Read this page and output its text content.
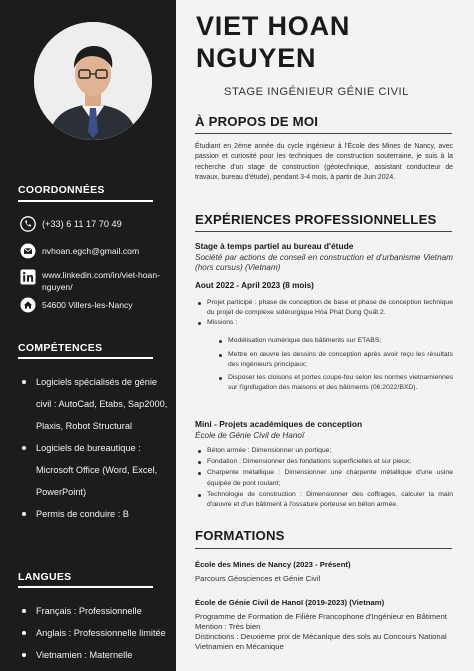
COORDONNÉES
(+33) 6 11 17 70 49
nvhoan.egch@gmail.com
www.linkedin.com/in/viet-hoan-nguyen/
54600 Villers-les-Nancy
COMPÉTENCES
Logiciels spécialisés de génie civil : AutoCad, Etabs, Sap2000, Plaxis, Robot Structural
Logiciels de bureautique : Microsoft Office (Word, Excel, PowerPoint)
Permis de conduire : B
LANGUES
Français : Professionnelle
Anglais : Professionnelle limitée
Vietnamien : Maternelle
VIET HOAN
NGUYEN
STAGE INGÉNIEUR GÉNIE CIVIL
À PROPOS DE MOI
Étudiant en 2ème année du cycle ingénieur à l'École des Mines de Nancy, avec passion et curiosité pour les techniques de construction souterraine, je suis à la recherche d'un stage de construction (géotechnique, assistant conducteur de travaux, bureau d'étude), pendant 3-4 mois, à partir de Juin 2024.
EXPÉRIENCES PROFESSIONNELLES
Stage à temps partiel au bureau d'étude
Société par actions de conseil en construction et d'urbanisme Vietnam (hors cursus) (Vietnam)
Aout 2022 - April 2023 (8 mois)
Projet participé : phase de conception de base et phase de conception technique du projet de complexe sidérurgique Hòa Phát Dung Quất 2.
Missions :
Modélisation numérique des bâtiments sur ETABS;
Mettre en œuvre les dessins de conception après avoir reçu les résultats des ingénieurs principaux;
Disposer les cloisons et portes coupe-feu selon les normes vietnamiennes sur l'ignifugation des maisons et des bâtiments (06:2022/BXD).
Mini - Projets académiques de conception
École de Génie Civil de Hanoï
Béton armée : Dimensionner un portique;
Fondation : Dimensionner des fondations superficielles et sur pieux;
Charpente métallique : Dimensionner une charpente métallique d'une usine équipée de pont roulant;
Technologie de construction : Dimensionner des coffrages, calculer la main d'œuvre et d'un bâtiment à l'ossature porteuse en béton armée.
FORMATIONS
École des Mines de Nancy (2023 - Présent)
Parcours Géosciences et Génie Civil
École de Génie Civil de Hanoï (2019-2023) (Vietnam)
Programme de Formation de Filière Francophone d'Ingénieur en Bâtiment
Mention : Très bien
Distinctions : Deuxième prix de Mécanique des sols au Concours National Vietnamien en Mécanique
